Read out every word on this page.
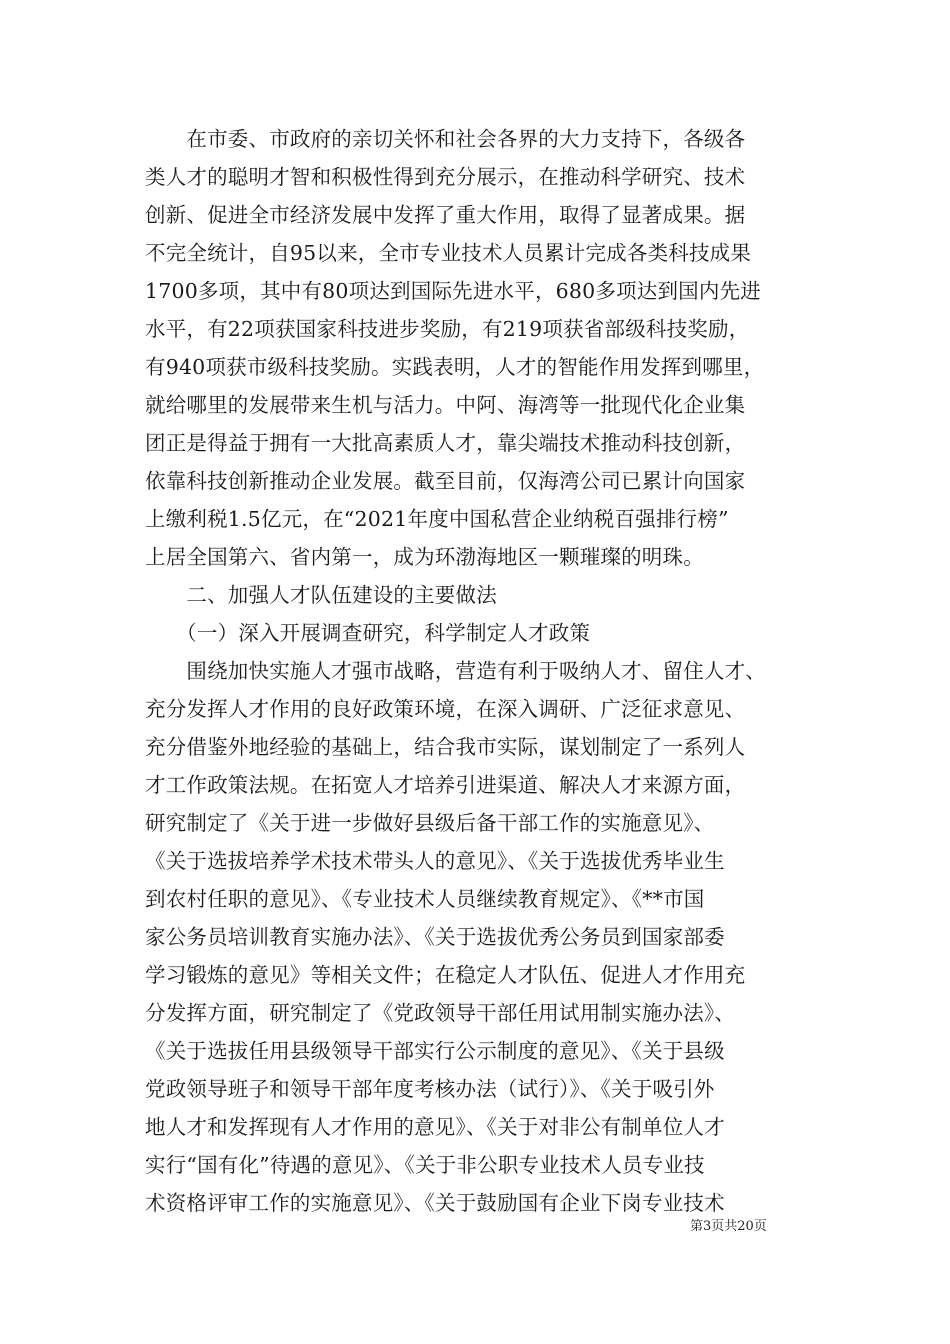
　　在市委、市政府的亲切关怀和社会各界的大力支持下，各级各
类人才的聪明才智和积极性得到充分展示，在推动科学研究、技术
创新、促进全市经济发展中发挥了重大作用，取得了显著成果。据
不完全统计，自95以来，全市专业技术人员累计完成各类科技成果
1700多项，其中有80项达到国际先进水平，680多项达到国内先进
水平，有22项获国家科技进步奖励，有219项获省部级科技奖励，
有940项获市级科技奖励。实践表明，人才的智能作用发挥到哪里，
就给哪里的发展带来生机与活力。中阿、海湾等一批现代化企业集
团正是得益于拥有一大批高素质人才，靠尖端技术推动科技创新，
依靠科技创新推动企业发展。截至目前，仅海湾公司已累计向国家
上缴利税1.5亿元，在“2021年度中国私营企业纳税百强排行榜”
上居全国第六、省内第一，成为环渤海地区一颗璀璨的明珠。
　　二、加强人才队伍建设的主要做法
　　（一）深入开展调查研究，科学制定人才政策
　　围绕加快实施人才强市战略，营造有利于吸纳人才、留住人才、
充分发挥人才作用的良好政策环境，在深入调研、广泛征求意见、
充分借鉴外地经验的基础上，结合我市实际，谋划制定了一系列人
才工作政策法规。在拓宽人才培养引进渠道、解决人才来源方面，
研究制定了《关于进一步做好县级后备干部工作的实施意见》、
《关于选拔培养学术技术带头人的意见》、《关于选拔优秀毕业生
到农村任职的意见》、《专业技术人员继续教育规定》、《**市国
家公务员培训教育实施办法》、《关于选拔优秀公务员到国家部委
学习锻炼的意见》等相关文件；在稳定人才队伍、促进人才作用充
分发挥方面，研究制定了《党政领导干部任用试用制实施办法》、
《关于选拔任用县级领导干部实行公示制度的意见》、《关于县级
党政领导班子和领导干部年度考核办法（试行）》、《关于吸引外
地人才和发挥现有人才作用的意见》、《关于对非公有制单位人才
实行“国有化”待遇的意见》、《关于非公职专业技术人员专业技
术资格评审工作的实施意见》、《关于鼓励国有企业下岗专业技术
第3页共20页
